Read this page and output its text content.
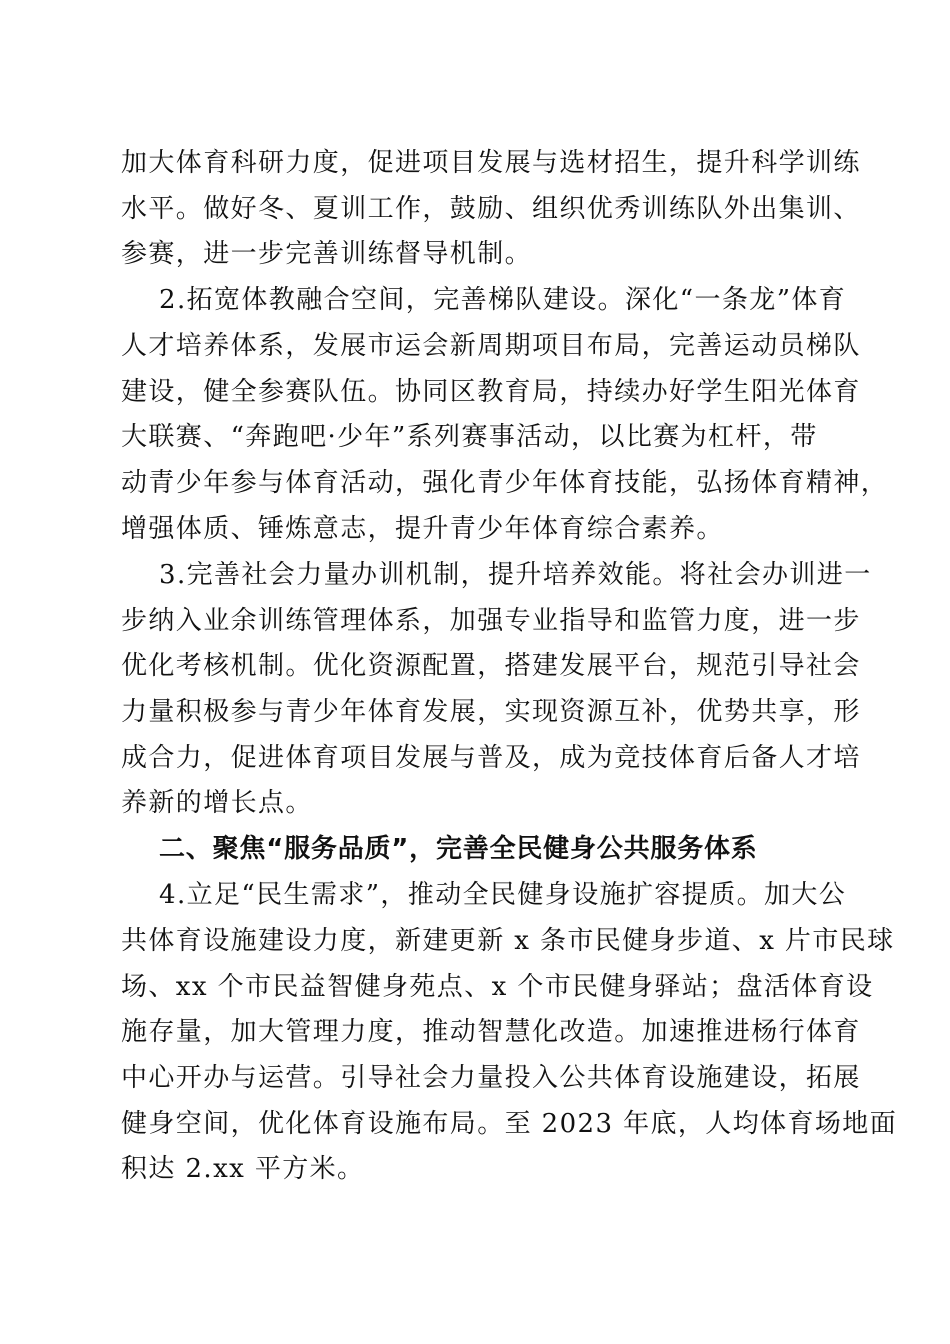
加大体育科研力度，促进项目发展与选材招生，提升科学训练
水平。做好冬、夏训工作，鼓励、组织优秀训练队外出集训、
参赛，进一步完善训练督导机制。
2.拓宽体教融合空间，完善梯队建设。深化“一条龙”体育
人才培养体系，发展市运会新周期项目布局，完善运动员梯队
建设，健全参赛队伍。协同区教育局，持续办好学生阳光体育
大联赛、“奔跑吧·少年”系列赛事活动，以比赛为杠杆，带
动青少年参与体育活动，强化青少年体育技能，弘扬体育精神，
增强体质、锤炼意志，提升青少年体育综合素养。
3.完善社会力量办训机制，提升培养效能。将社会办训进一
步纳入业余训练管理体系，加强专业指导和监管力度，进一步
优化考核机制。优化资源配置，搭建发展平台，规范引导社会
力量积极参与青少年体育发展，实现资源互补，优势共享，形
成合力，促进体育项目发展与普及，成为竞技体育后备人才培
养新的增长点。
二、聚焦“服务品质”，完善全民健身公共服务体系
4.立足“民生需求”，推动全民健身设施扩容提质。加大公
共体育设施建设力度，新建更新 x 条市民健身步道、x 片市民球
场、xx 个市民益智健身苑点、x 个市民健身驿站；盘活体育设
施存量，加大管理力度，推动智慧化改造。加速推进杨行体育
中心开办与运营。引导社会力量投入公共体育设施建设，拓展
健身空间，优化体育设施布局。至 2023 年底，人均体育场地面
积达 2.xx 平方米。
